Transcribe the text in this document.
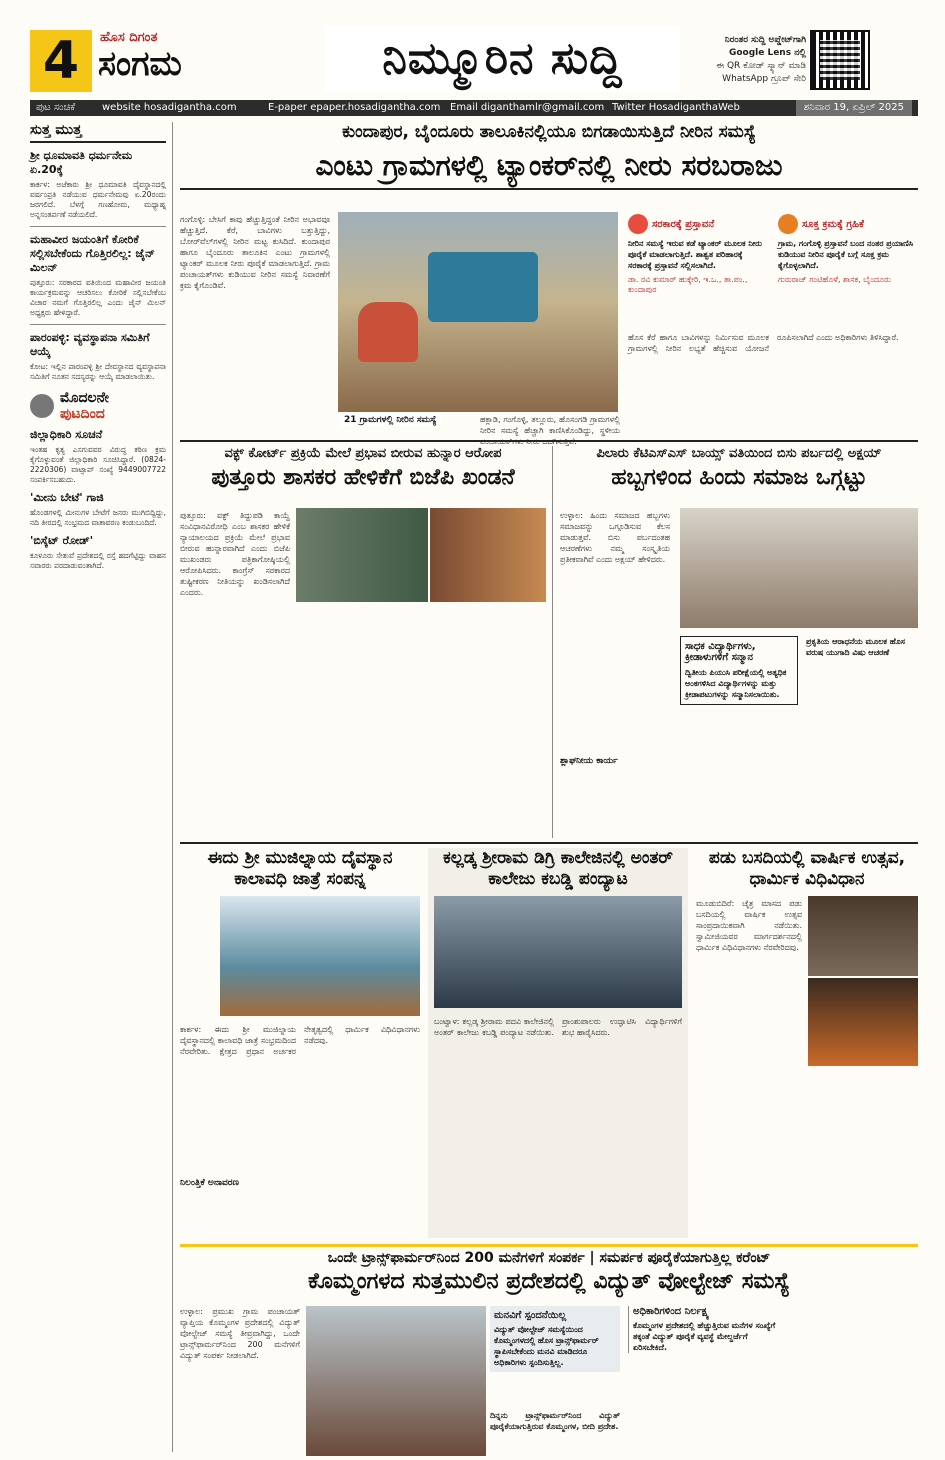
4	ಹೊಸ ದಿಗಂತ
ಸಂಗಮ	ನಿಮ್ಮೂರಿನ ಸುದ್ದಿ	ನಿರಂತರ ಸುದ್ದಿ ಅಪ್ಡೇಟ್‌ಗಾಗಿ
Google Lens ನಲ್ಲಿ
ಈ QR ಕೋಡ್ ಸ್ಕ್ಯಾನ್ ಮಾಡಿ
WhatsApp ಗ್ರೂಪ್ ಸೇರಿ
ಪುಟ ಸಂಚಿಕೆ	website hosadigantha.com	E-paper epaper.hosadigantha.com Email diganthamlr@gmail.com Twitter HosadiganthaWeb	ಶನಿವಾರ 19, ಏಪ್ರಿಲ್ 2025
ಸುತ್ತ ಮುತ್ತ
ಶ್ರೀ ಧೂಮಾವತಿ ಧರ್ಮನೇಮ ಏ.20ಕ್ಕೆ

ಕಾರ್ಕಳ: ಅಜೆಕಾರು ಶ್ರೀ ಧೂಮಾವತಿ ದೈವಸ್ಥಾನದಲ್ಲಿ ವರ್ಷಂಪ್ರತಿ ನಡೆಯುವ ಧರ್ಮನೇಮವು ಏ.20ರಂದು ಜರಗಲಿದೆ. ಬೆಳಗ್ಗೆ ಗಣಹೋಮ, ಮಧ್ಯಾಹ್ನ ಅನ್ನಸಂತರ್ಪಣೆ ನಡೆಯಲಿದೆ.

ಮಹಾವೀರ ಜಯಂತಿಗೆ ಕೋರಿಕೆ ಸಲ್ಲಿಸಬೇಕೆಂದು ಗೊತ್ತಿರಲಿಲ್ಲ: ಜೈನ್ ಮಿಲನ್

ಪುತ್ತೂರು: ಸರಕಾರದ ವತಿಯಿಂದ ಮಹಾವೀರ ಜಯಂತಿ ಕಾರ್ಯಕ್ರಮವನ್ನು ಆಚರಿಸಲು ಕೋರಿಕೆ ಸಲ್ಲಿಸಬೇಕೆಂಬ ವಿಚಾರ ನಮಗೆ ಗೊತ್ತಿರಲಿಲ್ಲ ಎಂದು ಜೈನ್ ಮಿಲನ್ ಅಧ್ಯಕ್ಷರು ಹೇಳಿದ್ದಾರೆ.

ಪಾರಂಪಳ್ಳಿ: ವ್ಯವಸ್ಥಾಪನಾ ಸಮಿತಿಗೆ ಆಯ್ಕೆ

ಕೋಟ: ಇಲ್ಲಿನ ಪಾರಂಪಳ್ಳಿ ಶ್ರೀ ದೇವಸ್ಥಾನದ ವ್ಯವಸ್ಥಾಪನಾ ಸಮಿತಿಗೆ ನೂತನ ಸದಸ್ಯರನ್ನು ಆಯ್ಕೆ ಮಾಡಲಾಯಿತು.

ಮೊದಲನೇ
ಪುಟದಿಂದ
ಜಿಲ್ಲಾಧಿಕಾರಿ ಸೂಚನೆ

ಇಂತಹ ಕೃತ್ಯ ಎಸಗುವವರ ವಿರುದ್ಧ ಕಠಿಣ ಕ್ರಮ ಕೈಗೊಳ್ಳುವಂತೆ ಜಿಲ್ಲಾಧಿಕಾರಿ ಸೂಚಿಸಿದ್ದಾರೆ. (0824-2220306) ವಾಟ್ಸಾಪ್ ಸಂಖ್ಯೆ 9449007722 ಸಂಪರ್ಕಿಸಬಹುದು.

'ಮೀನು ಬೇಟೆ' ಗಾಜಿ

ಹೊಂಡಗಳಲ್ಲಿ ಮೀನುಗಳ ಬೇಟೆಗೆ ಜನರು ಮುಗಿಬಿದ್ದಿದ್ದು, ನದಿ ತೀರದಲ್ಲಿ ಸಂಭ್ರಮದ ವಾತಾವರಣ ಕಂಡುಬಂದಿದೆ.

'ಬಿಸ್ಕೆಟ್ ರೋಡ್'

ಕೂಳೂರು ಸೇತುವೆ ಪ್ರದೇಶದಲ್ಲಿ ರಸ್ತೆ ಹದಗೆಟ್ಟಿದ್ದು ವಾಹನ ಸವಾರರು ಪರದಾಡುವಂತಾಗಿದೆ.

ಕುಂದಾಪುರ, ಬೈಂದೂರು ತಾಲೂಕಿನಲ್ಲಿಯೂ ಬಿಗಡಾಯಿಸುತ್ತಿದೆ ನೀರಿನ ಸಮಸ್ಯೆ
ಎಂಟು ಗ್ರಾಮಗಳಲ್ಲಿ ಟ್ಯಾಂಕರ್‌ನಲ್ಲಿ ನೀರು ಸರಬರಾಜು
ಗಂಗೊಳ್ಳಿ: ಬೇಸಿಗೆ ಕಾವು ಹೆಚ್ಚುತ್ತಿದ್ದಂತೆ ನೀರಿನ ಅಭಾವವೂ ಹೆಚ್ಚುತ್ತಿದೆ. ಕೆರೆ, ಬಾವಿಗಳು ಬತ್ತುತ್ತಿದ್ದು, ಬೋರ್‌ವೆಲ್‌ಗಳಲ್ಲಿ ನೀರಿನ ಮಟ್ಟ ಕುಸಿದಿದೆ. ಕುಂದಾಪುರ ಹಾಗೂ ಬೈಂದೂರು ತಾಲೂಕಿನ ಎಂಟು ಗ್ರಾಮಗಳಲ್ಲಿ ಟ್ಯಾಂಕರ್ ಮೂಲಕ ನೀರು ಪೂರೈಕೆ ಮಾಡಲಾಗುತ್ತಿದೆ. ಗ್ರಾಮ ಪಂಚಾಯತ್‌ಗಳು ಕುಡಿಯುವ ನೀರಿನ ಸಮಸ್ಯೆ ನಿವಾರಣೆಗೆ ಕ್ರಮ ಕೈಗೊಂಡಿವೆ.
21 ಗ್ರಾಮಗಳಲ್ಲಿ ನೀರಿನ ಸಮಸ್ಯೆ	ಹಕ್ಲಾಡಿ, ಗಂಗೊಳ್ಳಿ, ತಲ್ಲೂರು, ಹೊಸಂಗಡಿ ಗ್ರಾಮಗಳಲ್ಲಿ ನೀರಿನ ಸಮಸ್ಯೆ ಹೆಚ್ಚಾಗಿ ಕಾಣಿಸಿಕೊಂಡಿದ್ದು, ಸ್ಥಳೀಯ
ಸರಕಾರಕ್ಕೆ ಪ್ರಸ್ತಾವನೆ
ನೀರಿನ ಸಮಸ್ಯೆ ಇರುವ ಕಡೆ ಟ್ಯಾಂಕರ್ ಮೂಲಕ ನೀರು ಪೂರೈಕೆ ಮಾಡಲಾಗುತ್ತಿದೆ. ಶಾಶ್ವತ ಪರಿಹಾರಕ್ಕೆ ಸರಕಾರಕ್ಕೆ ಪ್ರಸ್ತಾವನೆ ಸಲ್ಲಿಸಲಾಗಿದೆ.
ಡಾ. ರವಿ ಕುಮಾರ್ ಹುಕ್ಕೇರಿ, ಇ.ಒ., ತಾ.ಪಂ., ಕುಂದಾಪುರ
ಸೂಕ್ತ ಕ್ರಮಕ್ಕೆ ಗ್ರಹಿಕೆ
ಗ್ರಾಮ, ಗಂಗೊಳ್ಳಿ ಪ್ರಸ್ತಾವನೆ ಬಂದ ನಂತರ ಪ್ರಯಾಣಿಸಿ ಕುಡಿಯುವ ನೀರಿನ ಪೂರೈಕೆ ಬಗ್ಗೆ ಸೂಕ್ತ ಕ್ರಮ ಕೈಗೊಳ್ಳಲಾಗಿದೆ.
ಗುರುರಾಜ್ ಗಂಟಿಹೊಳೆ, ಶಾಸಕ, ಬೈಂದೂರು
ಹೊಸ ಕೆರೆ ಹಾಗೂ ಬಾವಿಗಳನ್ನು ನಿರ್ಮಿಸುವ ಮೂಲಕ ಗ್ರಾಮಗಳಲ್ಲಿ ನೀರಿನ ಲಭ್ಯತೆ ಹೆಚ್ಚಿಸುವ ಯೋಜನೆ ರೂಪಿಸಲಾಗಿದೆ ಎಂದು ಅಧಿಕಾರಿಗಳು ತಿಳಿಸಿದ್ದಾರೆ.
ವಕ್ಫ್ ಕೋರ್ಟ್ ಪ್ರಕ್ರಿಯೆ ಮೇಲೆ ಪ್ರಭಾವ ಬೀರುವ ಹುನ್ನಾರ ಆರೋಪ
ಪುತ್ತೂರು ಶಾಸಕರ ಹೇಳಿಕೆಗೆ ಬಿಜೆಪಿ ಖಂಡನೆ
ಪುತ್ತೂರು: ವಕ್ಫ್ ತಿದ್ದುಪಡಿ ಕಾಯ್ದೆ ಸಂವಿಧಾನವಿರೋಧಿ ಎಂಬ ಶಾಸಕರ ಹೇಳಿಕೆ ನ್ಯಾಯಾಲಯದ ಪ್ರಕ್ರಿಯೆ ಮೇಲೆ ಪ್ರಭಾವ ಬೀರುವ ಹುನ್ನಾರವಾಗಿದೆ ಎಂದು ಬಿಜೆಪಿ ಮುಖಂಡರು ಪತ್ರಿಕಾಗೋಷ್ಠಿಯಲ್ಲಿ ಆರೋಪಿಸಿದರು. ಕಾಂಗ್ರೆಸ್ ಸರಕಾರದ ತುಷ್ಟೀಕರಣ ನೀತಿಯನ್ನು ಖಂಡಿಸಲಾಗಿದೆ ಎಂದರು.
ಪಿಲಾರು ಕೆಟಿಎಸ್‌ಎಸ್ ಬಾಯ್ಸ್ ವತಿಯಿಂದ ಬಿಸು ಪರ್ಬದಲ್ಲಿ ಅಕ್ಷಯ್
ಹಬ್ಬಗಳಿಂದ ಹಿಂದು ಸಮಾಜ ಒಗ್ಗಟ್ಟು
ಉಳ್ಳಾಲ: ಹಿಂದು ಸಮಾಜದ ಹಬ್ಬಗಳು ಸಮಾಜವನ್ನು ಒಗ್ಗೂಡಿಸುವ ಕೆಲಸ ಮಾಡುತ್ತವೆ. ಬಿಸು ಪರ್ಬದಂತಹ ಆಚರಣೆಗಳು ನಮ್ಮ ಸಂಸ್ಕೃತಿಯ ಪ್ರತೀಕವಾಗಿವೆ ಎಂದು ಅಕ್ಷಯ್ ಹೇಳಿದರು.
ಸಾಧಕ ವಿದ್ಯಾರ್ಥಿಗಳು, ಕ್ರೀಡಾಳುಗಳಿಗೆ ಸನ್ಮಾನ
ದ್ವಿತೀಯ ಪಿಯುಸಿ ಪರೀಕ್ಷೆಯಲ್ಲಿ ಅತ್ಯಧಿಕ ಅಂಕಗಳಿಸಿದ ವಿದ್ಯಾರ್ಥಿಗಳನ್ನು ಮತ್ತು ಕ್ರೀಡಾಪಟುಗಳನ್ನು ಸನ್ಮಾನಿಸಲಾಯಿತು.
ಪ್ರಕೃತಿಯ ಆರಾಧನೆಯ ಮೂಲಕ ಹೊಸ ವರುಷ ಯುಗಾದಿ ವಿಷು ಆಚರಣೆ
ಶ್ಲಾಘನೀಯ ಕಾರ್ಯ
ಈದು ಶ್ರೀ ಮುಜಿಲ್ನಾಯ ದೈವಸ್ಥಾನ ಕಾಲಾವಧಿ ಜಾತ್ರೆ ಸಂಪನ್ನ
ಕಾರ್ಕಳ: ಈದು ಶ್ರೀ ಮುಜಿಲ್ನಾಯ ದೈವಸ್ಥಾನದಲ್ಲಿ ಕಾಲಾವಧಿ ಜಾತ್ರೆ ಸಂಭ್ರಮದಿಂದ ನೆರವೇರಿತು. ಕ್ಷೇತ್ರದ ಪ್ರಧಾನ ಅರ್ಚಕರ ನೇತೃತ್ವದಲ್ಲಿ ಧಾರ್ಮಿಕ ವಿಧಿವಿಧಾನಗಳು ನಡೆದವು.
ನಿಲಂತ್ತಿಕೆ ಅನಾವರಣ
ಕಲ್ಲಡ್ಕ ಶ್ರೀರಾಮ ಡಿಗ್ರಿ ಕಾಲೇಜಿನಲ್ಲಿ ಅಂತರ್ ಕಾಲೇಜು ಕಬಡ್ಡಿ ಪಂದ್ಯಾಟ
ಬಂಟ್ವಾಳ: ಕಲ್ಲಡ್ಕ ಶ್ರೀರಾಮ ಪದವಿ ಕಾಲೇಜಿನಲ್ಲಿ ಅಂತರ್ ಕಾಲೇಜು ಕಬಡ್ಡಿ ಪಂದ್ಯಾಟ ನಡೆಯಿತು. ಪ್ರಾಂಶುಪಾಲರು ಉದ್ಘಾಟಿಸಿ ವಿದ್ಯಾರ್ಥಿಗಳಿಗೆ ಶುಭ ಹಾರೈಸಿದರು.
ಪಡು ಬಸದಿಯಲ್ಲಿ ವಾರ್ಷಿಕ ಉತ್ಸವ, ಧಾರ್ಮಿಕ ವಿಧಿವಿಧಾನ
ಮೂಡುಬಿದಿರೆ: ಚೈತ್ರ ಮಾಸದ ಪಡು ಬಸದಿಯಲ್ಲಿ ವಾರ್ಷಿಕ ಉತ್ಸವ ಸಾಂಪ್ರದಾಯಿಕವಾಗಿ ನಡೆಯಿತು. ಸ್ವಾಮೀಜಿಯವರ ಮಾರ್ಗದರ್ಶನದಲ್ಲಿ ಧಾರ್ಮಿಕ ವಿಧಿವಿಧಾನಗಳು ನೆರವೇರಿದವು.
ಒಂದೇ ಟ್ರಾನ್ಸ್‌ಫಾರ್ಮರ್‌ನಿಂದ 200 ಮನೆಗಳಿಗೆ ಸಂಪರ್ಕ | ಸಮರ್ಪಕ ಪೂರೈಕೆಯಾಗುತ್ತಿಲ್ಲ ಕರೆಂಟ್
ಕೊಮ್ಮಂಗಳದ ಸುತ್ತಮುಲಿನ ಪ್ರದೇಶದಲ್ಲಿ ವಿದ್ಯುತ್ ವೋಲ್ಟೇಜ್ ಸಮಸ್ಯೆ
ಉಳ್ಳಾಲ: ಪ್ರಮುಖ ಗ್ರಾಮ ಪಂಚಾಯತ್ ವ್ಯಾಪ್ತಿಯ ಕೊಮ್ಮಂಗಳ ಪ್ರದೇಶದಲ್ಲಿ ವಿದ್ಯುತ್ ವೋಲ್ಟೇಜ್ ಸಮಸ್ಯೆ ತೀವ್ರವಾಗಿದ್ದು, ಒಂದೇ ಟ್ರಾನ್ಸ್‌ಫಾರ್ಮರ್‌ನಿಂದ 200 ಮನೆಗಳಿಗೆ ವಿದ್ಯುತ್ ಸಂಪರ್ಕ ನೀಡಲಾಗಿದೆ.
ದಿನ್ನನು ಟ್ರಾನ್ಸ್‌ಫಾರ್ಮರ್‌ನಿಂದ ವಿದ್ಯುತ್ ಪೂರೈಕೆಯಾಗುತ್ತಿರುವ ಕೊಮ್ಮಂಗಳ, ಬೀದಿ ಪ್ರದೇಶ.
ಮನವಿಗೆ ಸ್ಪಂದನೆಯಿಲ್ಲ
ವಿದ್ಯುತ್ ವೋಲ್ಟೇಜ್ ಸಮಸ್ಯೆಯಿಂದ ಕೊಮ್ಮಂಗಳದಲ್ಲಿ ಹೊಸ ಟ್ರಾನ್ಸ್‌ಫಾರ್ಮರ್ ಸ್ಥಾಪಿಸಬೇಕೆಂದು ಮನವಿ ಮಾಡಿದರೂ ಅಧಿಕಾರಿಗಳು ಸ್ಪಂದಿಸುತ್ತಿಲ್ಲ.
ಅಧಿಕಾರಿಗಳಿಂದ ನಿರ್ಲಕ್ಷ್ಯ
ಕೊಮ್ಮಂಗಳ ಪ್ರದೇಶದಲ್ಲಿ ಹೆಚ್ಚುತ್ತಿರುವ ಮನೆಗಳ ಸಂಖ್ಯೆಗೆ ತಕ್ಕಂತೆ ವಿದ್ಯುತ್ ಪೂರೈಕೆ ವ್ಯವಸ್ಥೆ ಮೇಲ್ದರ್ಜೆಗೆ ಏರಿಸಬೇಕಿದೆ.
